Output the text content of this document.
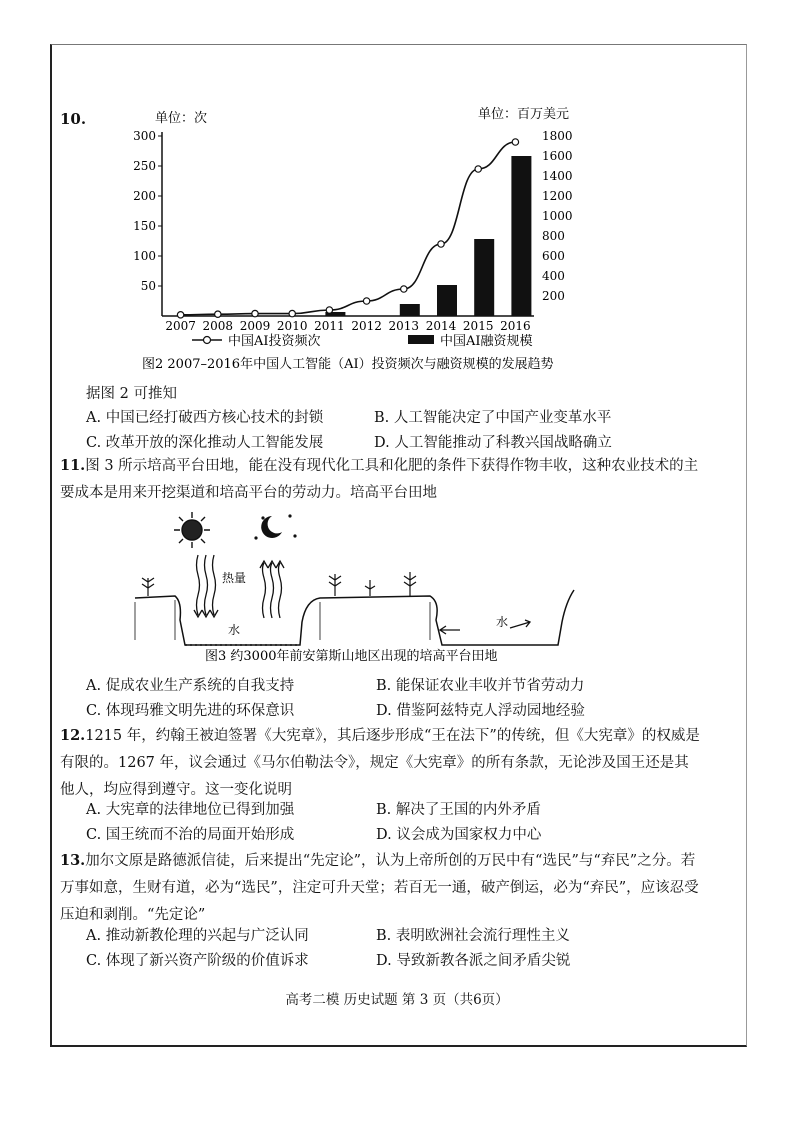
10.	单位：次	单位：百万美元
50
100
150
200
250
300
200
400
600
800
1000
1200
1400
1600
1800
2007 2008 2009 2010 2011 2012 2013 2014 2015 2016
中国AI投资频次	中国AI融资规模
图2 2007–2016年中国人工智能（AI）投资频次与融资规模的发展趋势
据图 2 可推知
A. 中国已经打破西方核心技术的封锁	B. 人工智能决定了中国产业变革水平
C. 改革开放的深化推动人工智能发展	D. 人工智能推动了科教兴国战略确立
11.图 3 所示培高平台田地，能在没有现代化工具和化肥的条件下获得作物丰收，这种农业技术的主要成本是用来开挖渠道和培高平台的劳动力。培高平台田地
热量
水
水
图3 约3000年前安第斯山地区出现的培高平台田地
A. 促成农业生产系统的自我支持	B. 能保证农业丰收并节省劳动力
C. 体现玛雅文明先进的环保意识	D. 借鉴阿兹特克人浮动园地经验
12.1215 年，约翰王被迫签署《大宪章》，其后逐步形成“王在法下”的传统，但《大宪章》的权威是有限的。1267 年，议会通过《马尔伯勒法令》，规定《大宪章》的所有条款，无论涉及国王还是其他人，均应得到遵守。这一变化说明
A. 大宪章的法律地位已得到加强	B. 解决了王国的内外矛盾
C. 国王统而不治的局面开始形成	D. 议会成为国家权力中心
13.加尔文原是路德派信徒，后来提出“先定论”，认为上帝所创的万民中有“选民”与“弃民”之分。若万事如意，生财有道，必为“选民”，注定可升天堂；若百无一通，破产倒运，必为“弃民”，应该忍受压迫和剥削。“先定论”
A. 推动新教伦理的兴起与广泛认同	B. 表明欧洲社会流行理性主义
C. 体现了新兴资产阶级的价值诉求	D. 导致新教各派之间矛盾尖锐
高考二模 历史试题 第 3 页（共6页）
